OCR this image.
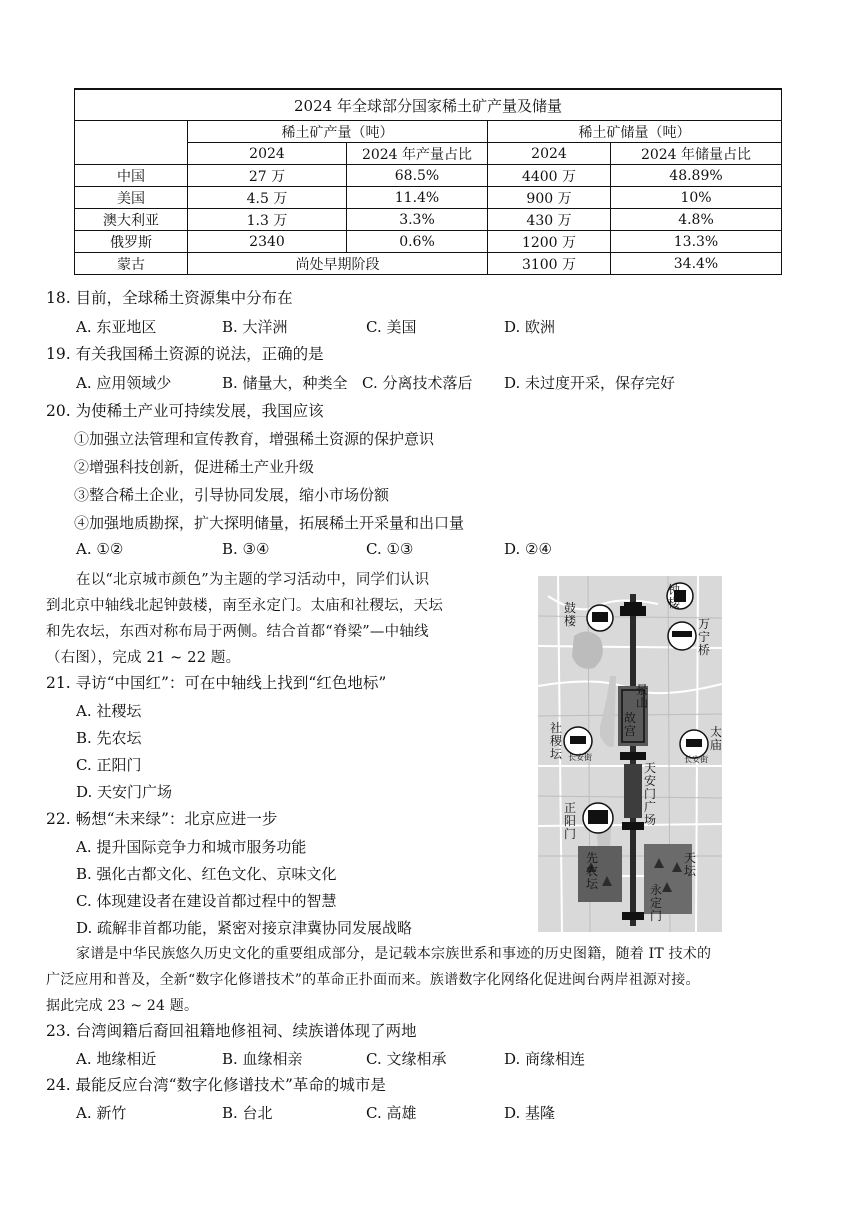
2024 年全球部分国家稀土矿产量及储量				
	稀土矿产量（吨）		稀土矿储量（吨）	
	2024	2024 年产量占比	2024	2024 年储量占比
中国	27 万	68.5%	4400 万	48.89%
美国	4.5 万	11.4%	900 万	10%
澳大利亚	1.3 万	3.3%	430 万	4.8%
俄罗斯	2340	0.6%	1200 万	13.3%
蒙古	尚处早期阶段		3100 万	34.4%
18. 目前，全球稀土资源集中分布在
A. 东亚地区	B. 大洋洲	C. 美国	D. 欧洲
19. 有关我国稀土资源的说法，正确的是
A. 应用领域少	B. 储量大，种类全 C. 分离技术落后 D. 未过度开采，保存完好
20. 为使稀土产业可持续发展，我国应该
①加强立法管理和宣传教育，增强稀土资源的保护意识
②增强科技创新，促进稀土产业升级
③整合稀土企业，引导协同发展，缩小市场份额
④加强地质勘探，扩大探明储量，拓展稀土开采量和出口量
A. ①②	B. ③④	C. ①③	D. ②④
在以“北京城市颜色”为主题的学习活动中，同学们认识
到北京中轴线北起钟鼓楼，南至永定门。太庙和社稷坛，天坛
和先农坛，东西对称布局于两侧。结合首都“脊梁”—中轴线
（右图），完成 21 ~ 22 题。
21. 寻访“中国红”：可在中轴线上找到“红色地标”
A. 社稷坛
B. 先农坛
C. 正阳门
D. 天安门广场
22. 畅想“未来绿”：北京应进一步
A. 提升国际竞争力和城市服务功能
B. 强化古都文化、红色文化、京味文化
C. 体现建设者在建设首都过程中的智慧
D. 疏解非首都功能，紧密对接京津冀协同发展战略
钟楼
鼓楼	万宁桥
景山
故宫
社稷坛
太庙
天安门广场
正阳门
先农坛
天坛
永定门
长安街	长安街
家谱是中华民族悠久历史文化的重要组成部分，是记载本宗族世系和事迹的历史图籍，随着 IT 技术的
广泛应用和普及，全新“数字化修谱技术”的革命正扑面而来。族谱数字化网络化促进闽台两岸祖源对接。
据此完成 23 ~ 24 题。
23. 台湾闽籍后裔回祖籍地修祖祠、续族谱体现了两地
A. 地缘相近	B. 血缘相亲	C. 文缘相承	D. 商缘相连
24. 最能反应台湾“数字化修谱技术”革命的城市是
A. 新竹	B. 台北	C. 高雄	D. 基隆
